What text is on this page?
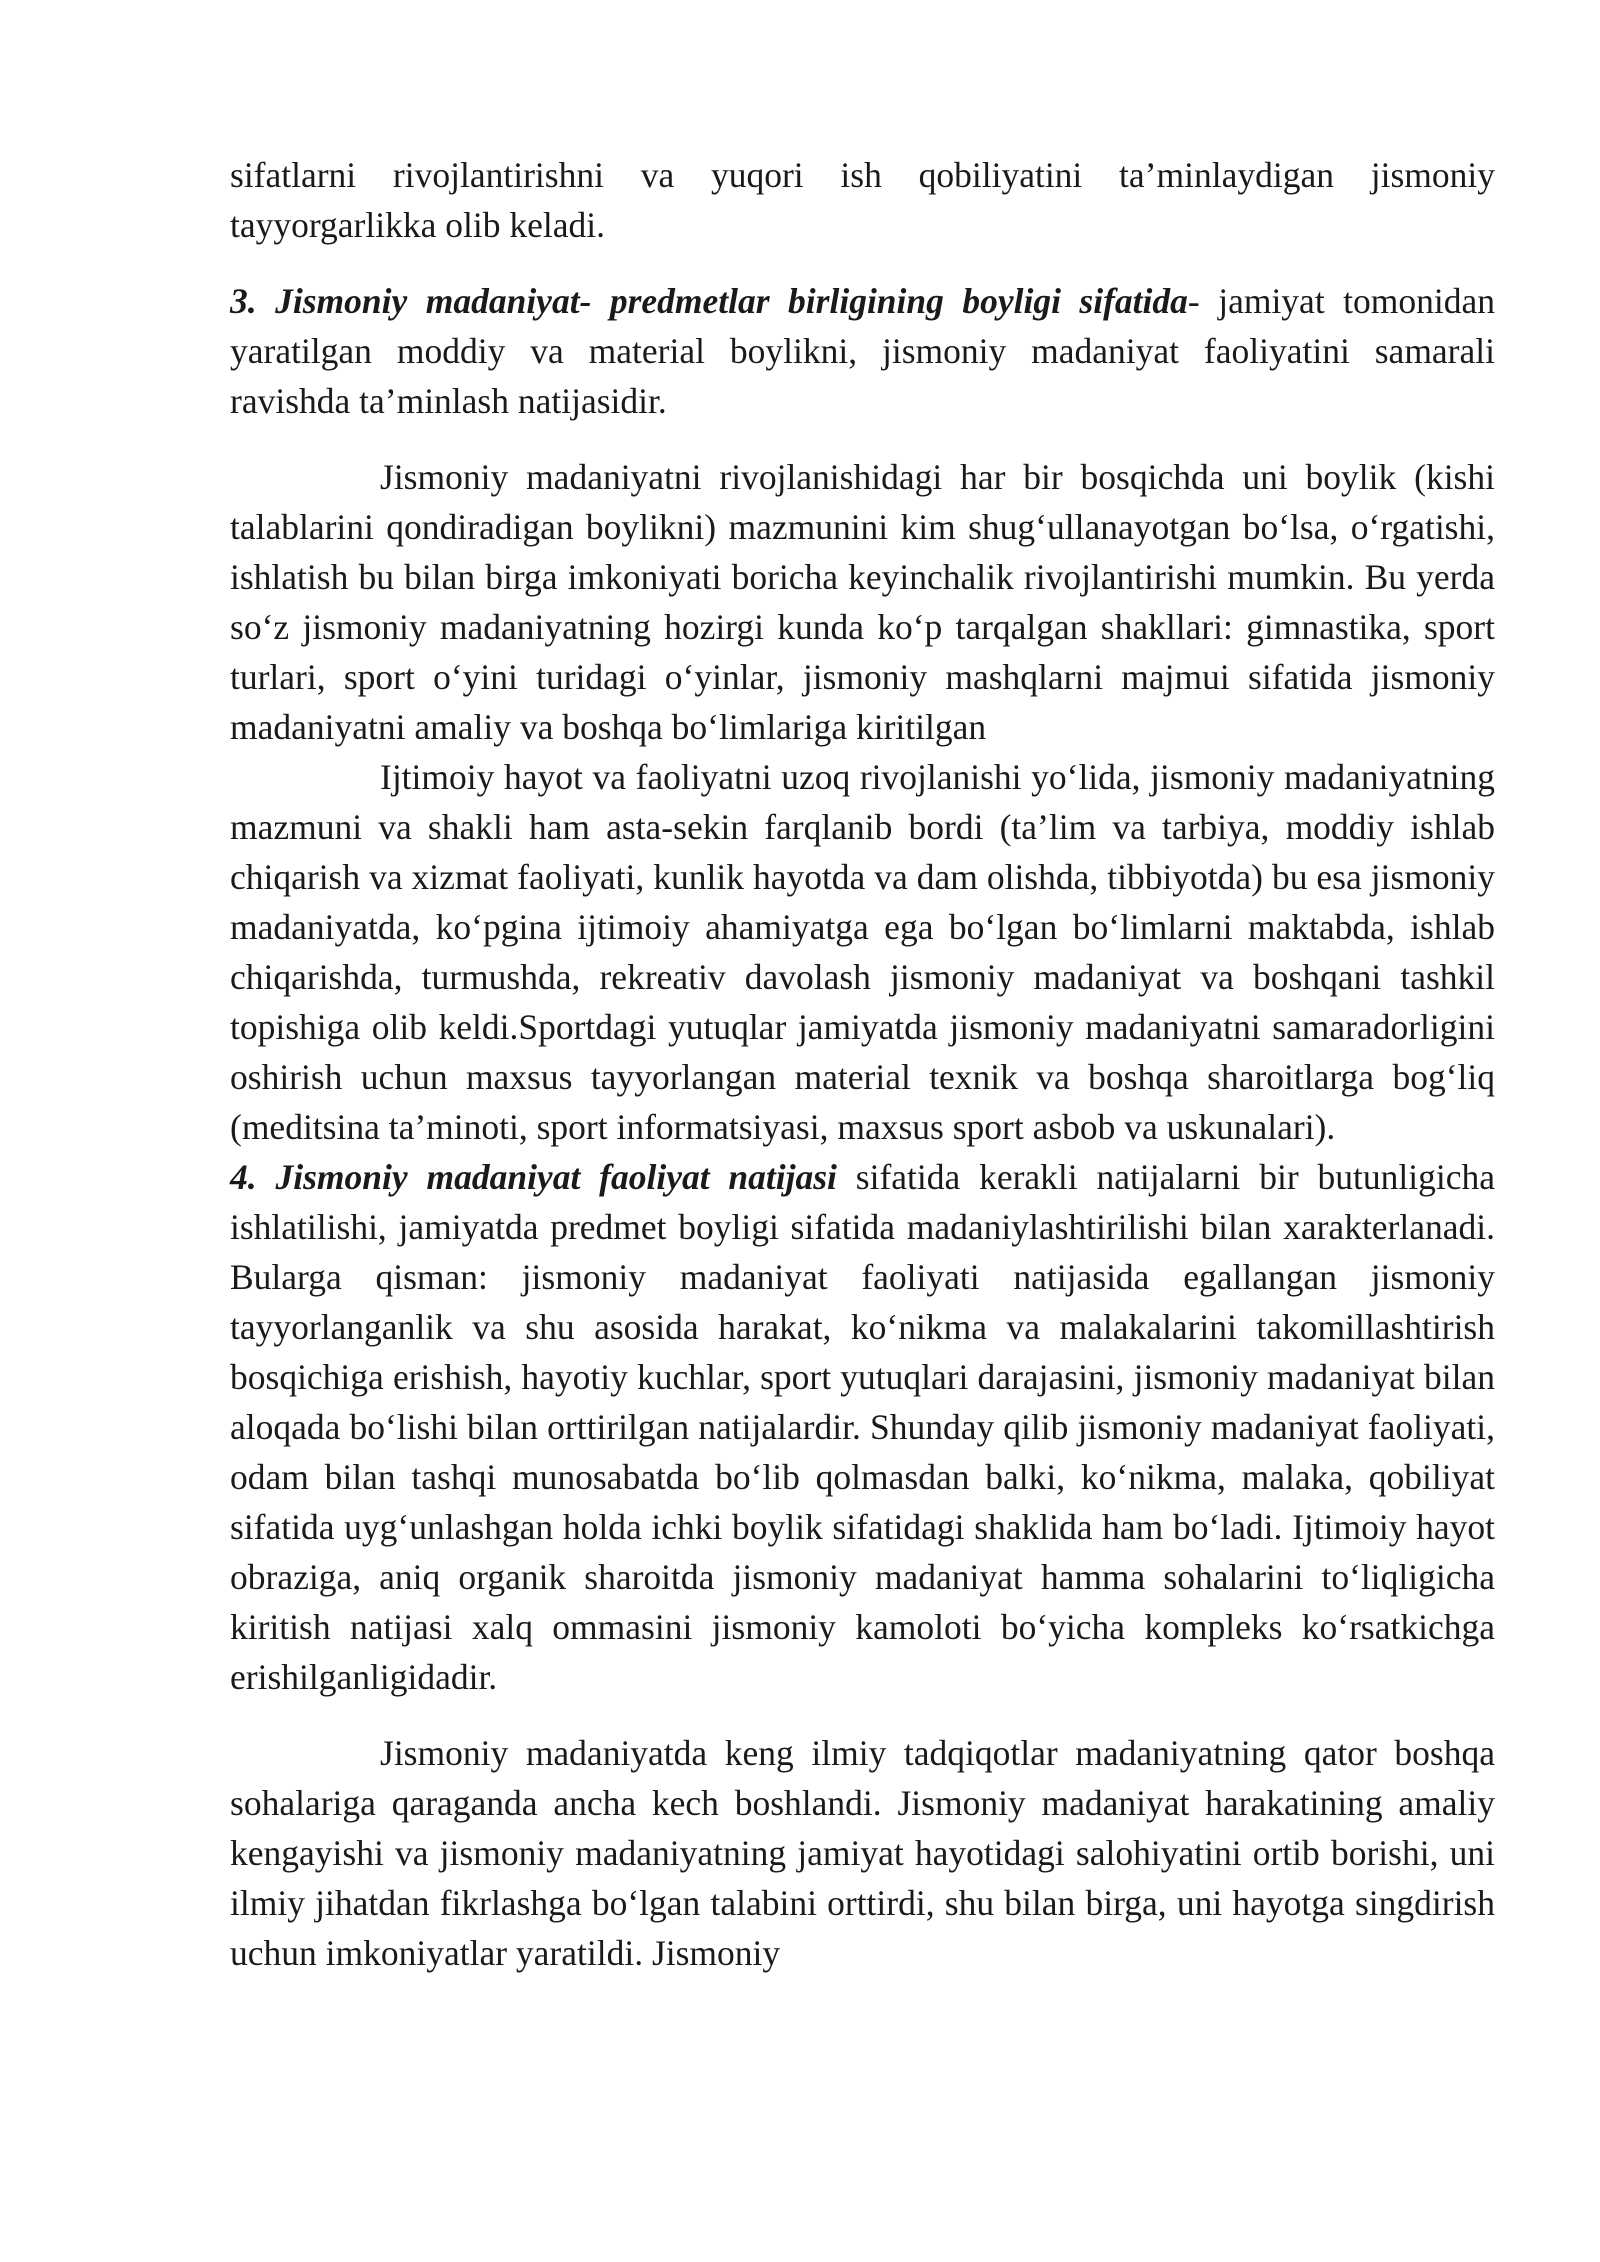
sifatlarni rivojlantirishni va yuqori ish qobiliyatini ta’minlaydigan jismoniy tayyorgarlikka olib keladi.

3. Jismoniy madaniyat- predmetlar birligining boyligi sifatida- jamiyat tomonidan yaratilgan moddiy va material boylikni, jismoniy madaniyat faoliyatini samarali ravishda ta’minlash natijasidir.

Jismoniy madaniyatni rivojlanishidagi har bir bosqichda uni boylik (kishi talablarini qondiradigan boylikni) mazmunini kim shug‘ullanayotgan bo‘lsa, o‘rgatishi, ishlatish bu bilan birga imkoniyati boricha keyinchalik rivojlantirishi mumkin. Bu yerda so‘z jismoniy madaniyatning hozirgi kunda ko‘p tarqalgan shakllari: gimnastika, sport turlari, sport o‘yini turidagi o‘yinlar, jismoniy mashqlarni majmui sifatida jismoniy madaniyatni amaliy va boshqa bo‘limlariga kiritilgan

Ijtimoiy hayot va faoliyatni uzoq rivojlanishi yo‘lida, jismoniy madaniyatning mazmuni va shakli ham asta-sekin farqlanib bordi (ta’lim va tarbiya, moddiy ishlab chiqarish va xizmat faoliyati, kunlik hayotda va dam olishda, tibbiyotda) bu esa jismoniy madaniyatda, ko‘pgina ijtimoiy ahamiyatga ega bo‘lgan bo‘limlarni maktabda, ishlab chiqarishda, turmushda, rekreativ davolash jismoniy madaniyat va boshqani tashkil topishiga olib keldi.Sportdagi yutuqlar jamiyatda jismoniy madaniyatni samaradorligini oshirish uchun maxsus tayyorlangan material texnik va boshqa sharoitlarga bog‘liq (meditsina ta’minoti, sport informatsiyasi, maxsus sport asbob va uskunalari).

4. Jismoniy madaniyat faoliyat natijasi sifatida kerakli natijalarni bir butunligicha ishlatilishi, jamiyatda predmet boyligi sifatida madaniylashtirilishi bilan xarakterlanadi. Bularga qisman: jismoniy madaniyat faoliyati natijasida egallangan jismoniy tayyorlanganlik va shu asosida harakat, ko‘nikma va malakalarini takomillashtirish bosqichiga erishish, hayotiy kuchlar, sport yutuqlari darajasini, jismoniy madaniyat bilan aloqada bo‘lishi bilan orttirilgan natijalardir. Shunday qilib jismoniy madaniyat faoliyati, odam bilan tashqi munosabatda bo‘lib qolmasdan balki, ko‘nikma, malaka, qobiliyat sifatida uyg‘unlashgan holda ichki boylik sifatidagi shaklida ham bo‘ladi. Ijtimoiy hayot obraziga, aniq organik sharoitda jismoniy madaniyat hamma sohalarini to‘liqligicha kiritish natijasi xalq ommasini jismoniy kamoloti bo‘yicha kompleks ko‘rsatkichga erishilganligidadir.

Jismoniy madaniyatda keng ilmiy tadqiqotlar madaniyatning qator boshqa sohalariga qaraganda ancha kech boshlandi. Jismoniy madaniyat harakatining amaliy kengayishi va jismoniy madaniyatning jamiyat hayotidagi salohiyatini ortib borishi, uni ilmiy jihatdan fikrlashga bo‘lgan talabini orttirdi, shu bilan birga, uni hayotga singdirish uchun imkoniyatlar yaratildi. Jismoniy
